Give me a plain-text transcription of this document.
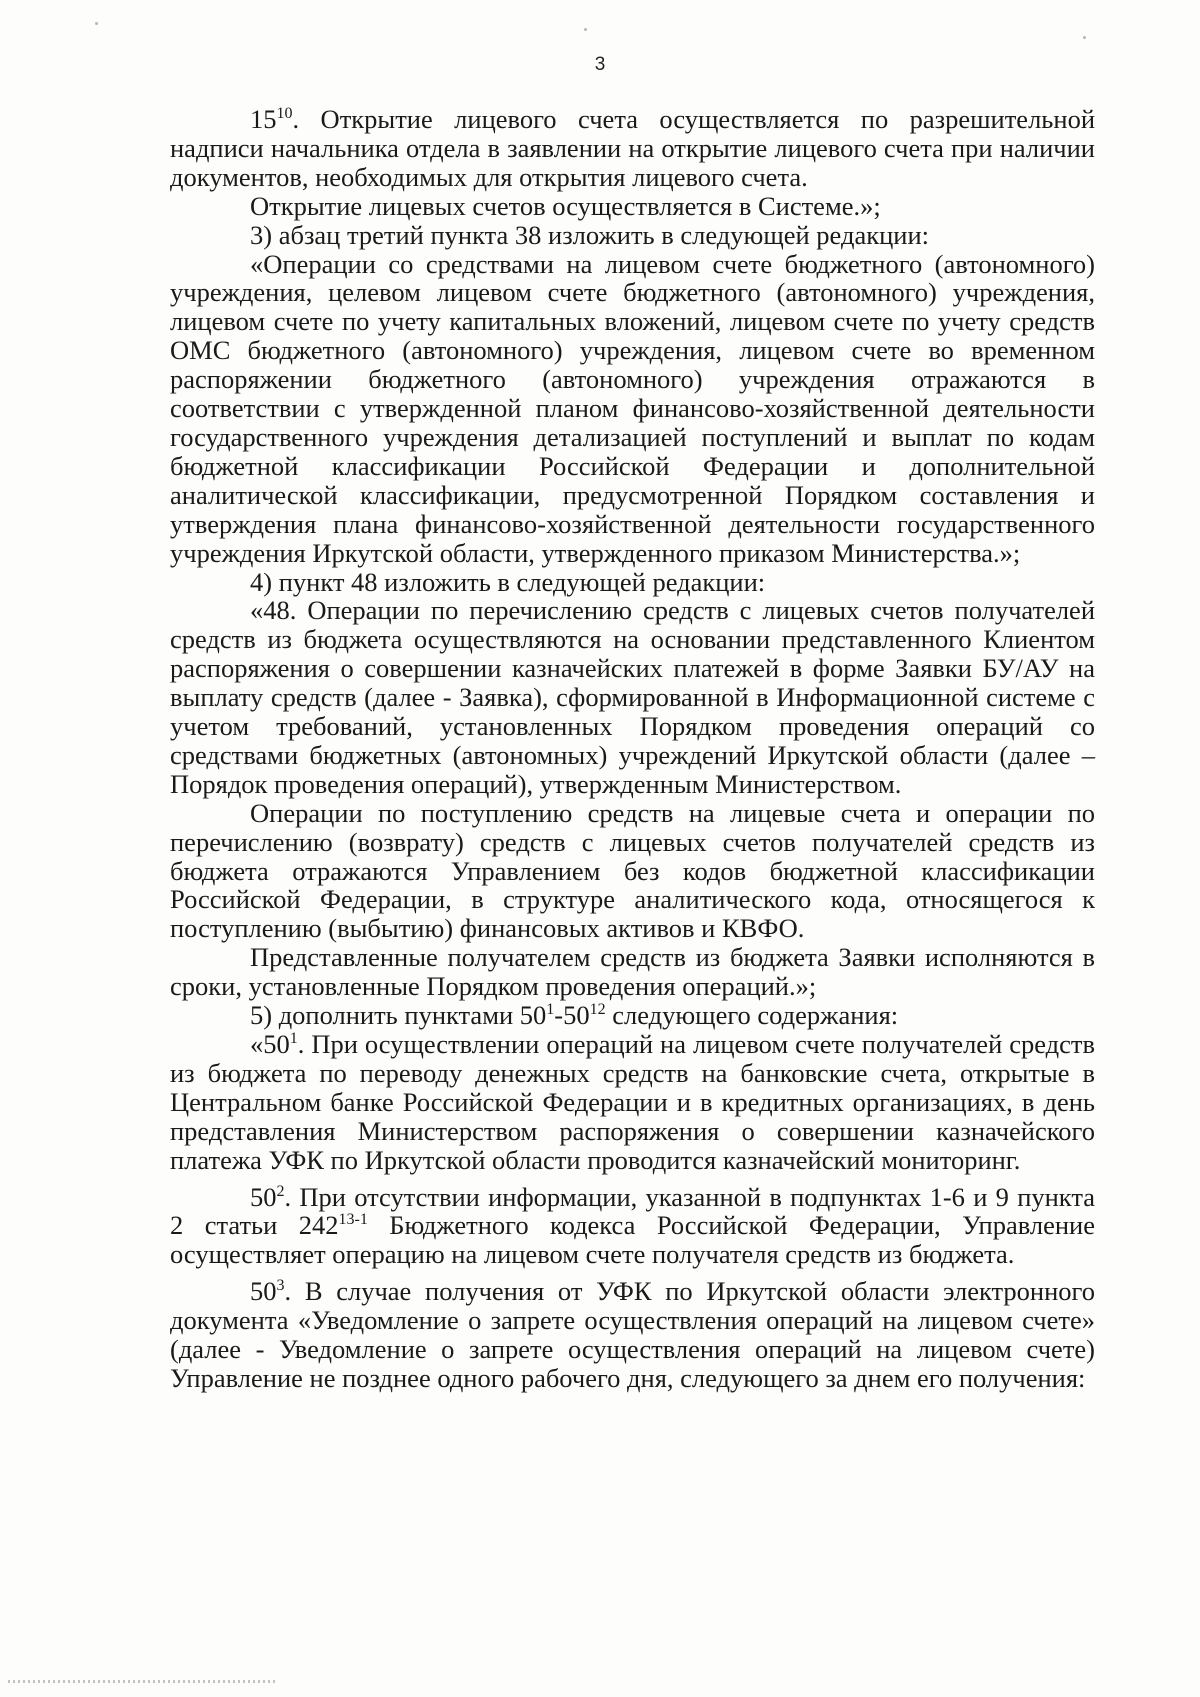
3

$15^{10}$. Открытие лицевого счета осуществляется по разрешительной надписи начальника отдела в заявлении на открытие лицевого счета при наличии документов, необходимых для открытия лицевого счета.

Открытие лицевых счетов осуществляется в Системе.»;

3) абзац третий пункта 38 изложить в следующей редакции:

«Операции со средствами на лицевом счете бюджетного (автономного) учреждения, целевом лицевом счете бюджетного (автономного) учреждения, лицевом счете по учету капитальных вложений, лицевом счете по учету средств ОМС бюджетного (автономного) учреждения, лицевом счете во временном распоряжении бюджетного (автономного) учреждения отражаются в соответствии с утвержденной планом финансово-хозяйственной деятельности государственного учреждения детализацией поступлений и выплат по кодам бюджетной классификации Российской Федерации и дополнительной аналитической классификации, предусмотренной Порядком составления и утверждения плана финансово-хозяйственной деятельности государственного учреждения Иркутской области, утвержденного приказом Министерства.»;

4) пункт 48 изложить в следующей редакции:

«48. Операции по перечислению средств с лицевых счетов получателей средств из бюджета осуществляются на основании представленного Клиентом распоряжения о совершении казначейских платежей в форме Заявки БУ/АУ на выплату средств (далее - Заявка), сформированной в Информационной системе с учетом требований, установленных Порядком проведения операций со средствами бюджетных (автономных) учреждений Иркутской области (далее – Порядок проведения операций), утвержденным Министерством.

Операции по поступлению средств на лицевые счета и операции по перечислению (возврату) средств с лицевых счетов получателей средств из бюджета отражаются Управлением без кодов бюджетной классификации Российской Федерации, в структуре аналитического кода, относящегося к поступлению (выбытию) финансовых активов и КВФО.

Представленные получателем средств из бюджета Заявки исполняются в сроки, установленные Порядком проведения операций.»;

5) дополнить пунктами $50^1-50^{12}$ следующего содержания:

«$50^1$. При осуществлении операций на лицевом счете получателей средств из бюджета по переводу денежных средств на банковские счета, открытые в Центральном банке Российской Федерации и в кредитных организациях, в день представления Министерством распоряжения о совершении казначейского платежа УФК по Иркутской области проводится казначейский мониторинг.

$50^2$. При отсутствии информации, указанной в подпунктах 1-6 и 9 пункта 2 статьи 242$^{13-1}$ Бюджетного кодекса Российской Федерации, Управление осуществляет операцию на лицевом счете получателя средств из бюджета.

$50^3$. В случае получения от УФК по Иркутской области электронного документа «Уведомление о запрете осуществления операций на лицевом счете» (далее - Уведомление о запрете осуществления операций на лицевом счете) Управление не позднее одного рабочего дня, следующего за днем его получения:
